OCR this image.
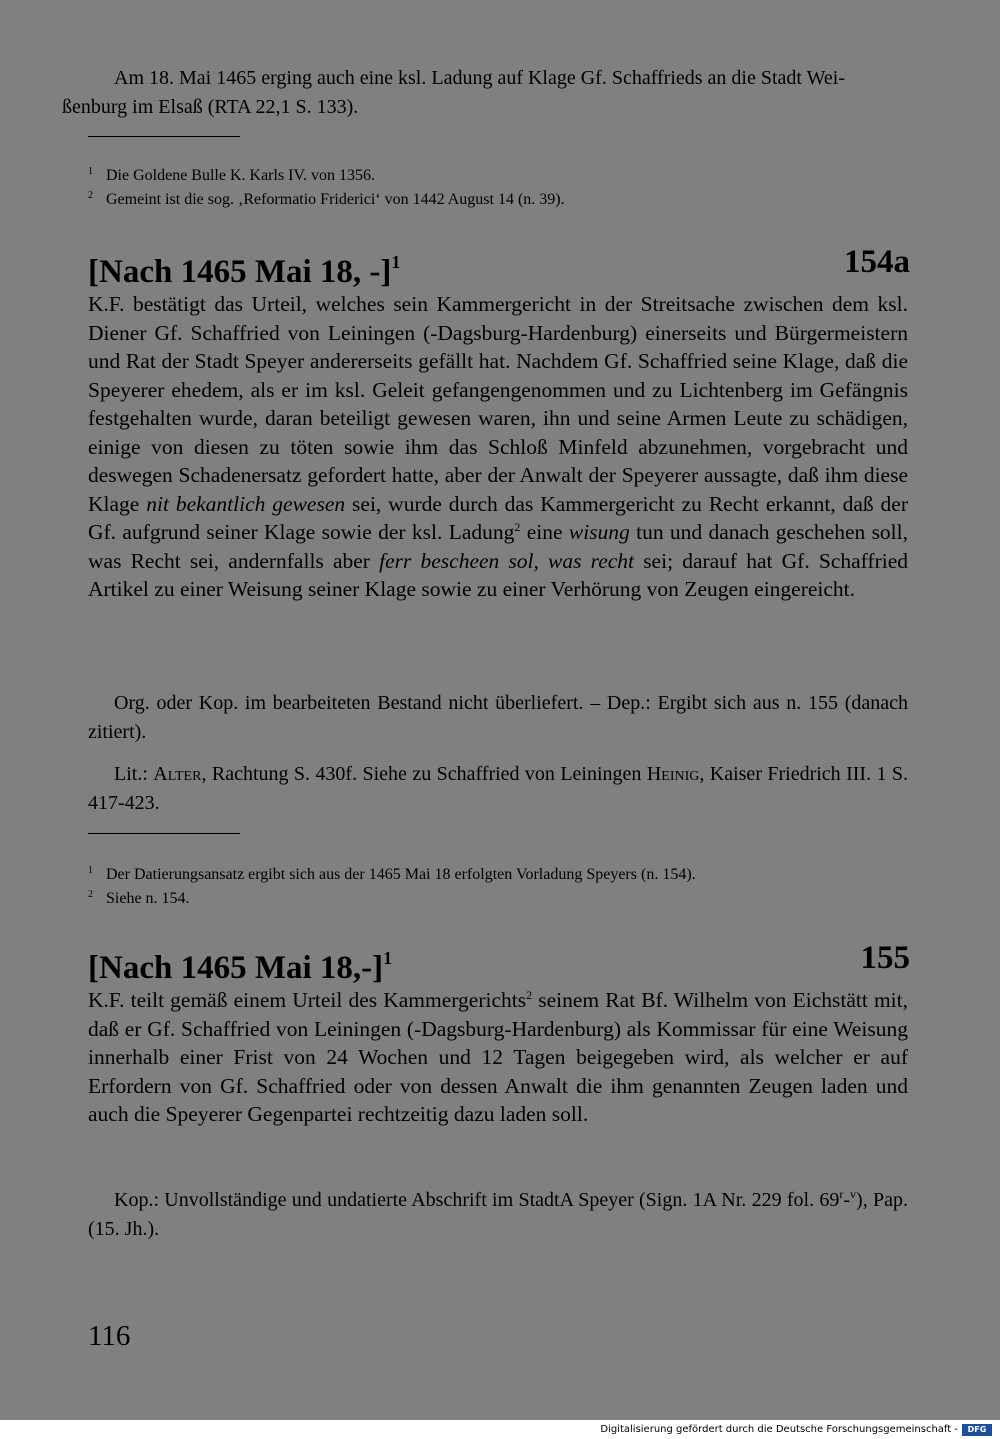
Am 18. Mai 1465 erging auch eine ksl. Ladung auf Klage Gf. Schaffrieds an die Stadt Wei-
ßenburg im Elsaß (RTA 22,1 S. 133).

$^1$ Die Goldene Bulle K. Karls IV. von 1356.

$^2$ Gemeint ist die sog. ‚Reformatio Friderici‘ von 1442 August 14 (n. 39).

[Nach 1465 Mai 18, -]$^1$	154a

K.F. bestätigt das Urteil, welches sein Kammergericht in der Streitsache zwischen dem ksl. Diener Gf. Schaffried von Leiningen (-Dagsburg-Hardenburg) einerseits und Bürgermeistern und Rat der Stadt Speyer andererseits gefällt hat. Nachdem Gf. Schaffried seine Klage, daß die Speyerer ehedem, als er im ksl. Geleit gefangengenommen und zu Lichtenberg im Gefängnis festgehalten wurde, daran beteiligt gewesen waren, ihn und seine Armen Leute zu schädigen, einige von diesen zu töten sowie ihm das Schloß Minfeld abzunehmen, vorgebracht und deswegen Schadenersatz gefordert hatte, aber der Anwalt der Speyerer aussagte, daß ihm diese Klage nit bekantlich gewesen sei, wurde durch das Kammergericht zu Recht erkannt, daß der Gf. aufgrund seiner Klage sowie der ksl. Ladung$^2$ eine wisung tun und danach geschehen soll, was Recht sei, andernfalls aber ferr bescheen sol, was recht sei; darauf hat Gf. Schaffried Artikel zu einer Weisung seiner Klage sowie zu einer Verhörung von Zeugen eingereicht.

Org. oder Kop. im bearbeiteten Bestand nicht überliefert. – Dep.: Ergibt sich aus n. 155 (danach zitiert).

Lit.: Alter, Rachtung S. 430f. Siehe zu Schaffried von Leiningen Heinig, Kaiser Friedrich III. 1 S. 417-423.

$^1$ Der Datierungsansatz ergibt sich aus der 1465 Mai 18 erfolgten Vorladung Speyers (n. 154).

$^2$ Siehe n. 154.

[Nach 1465 Mai 18,-]$^1$	155

K.F. teilt gemäß einem Urteil des Kammergerichts$^2$ seinem Rat Bf. Wilhelm von Eichstätt mit, daß er Gf. Schaffried von Leiningen (-Dagsburg-Hardenburg) als Kommissar für eine Weisung innerhalb einer Frist von 24 Wochen und 12 Tagen beigegeben wird, als welcher er auf Erfordern von Gf. Schaffried oder von dessen Anwalt die ihm genannten Zeugen laden und auch die Speyerer Gegenpartei rechtzeitig dazu laden soll.

Kop.: Unvollständige und undatierte Abschrift im StadtA Speyer (Sign. 1A Nr. 229 fol. 69$^r$-$^v$), Pap. (15. Jh.).

116
Digitalisierung gefördert durch die Deutsche Forschungsgemeinschaft -	DFG
